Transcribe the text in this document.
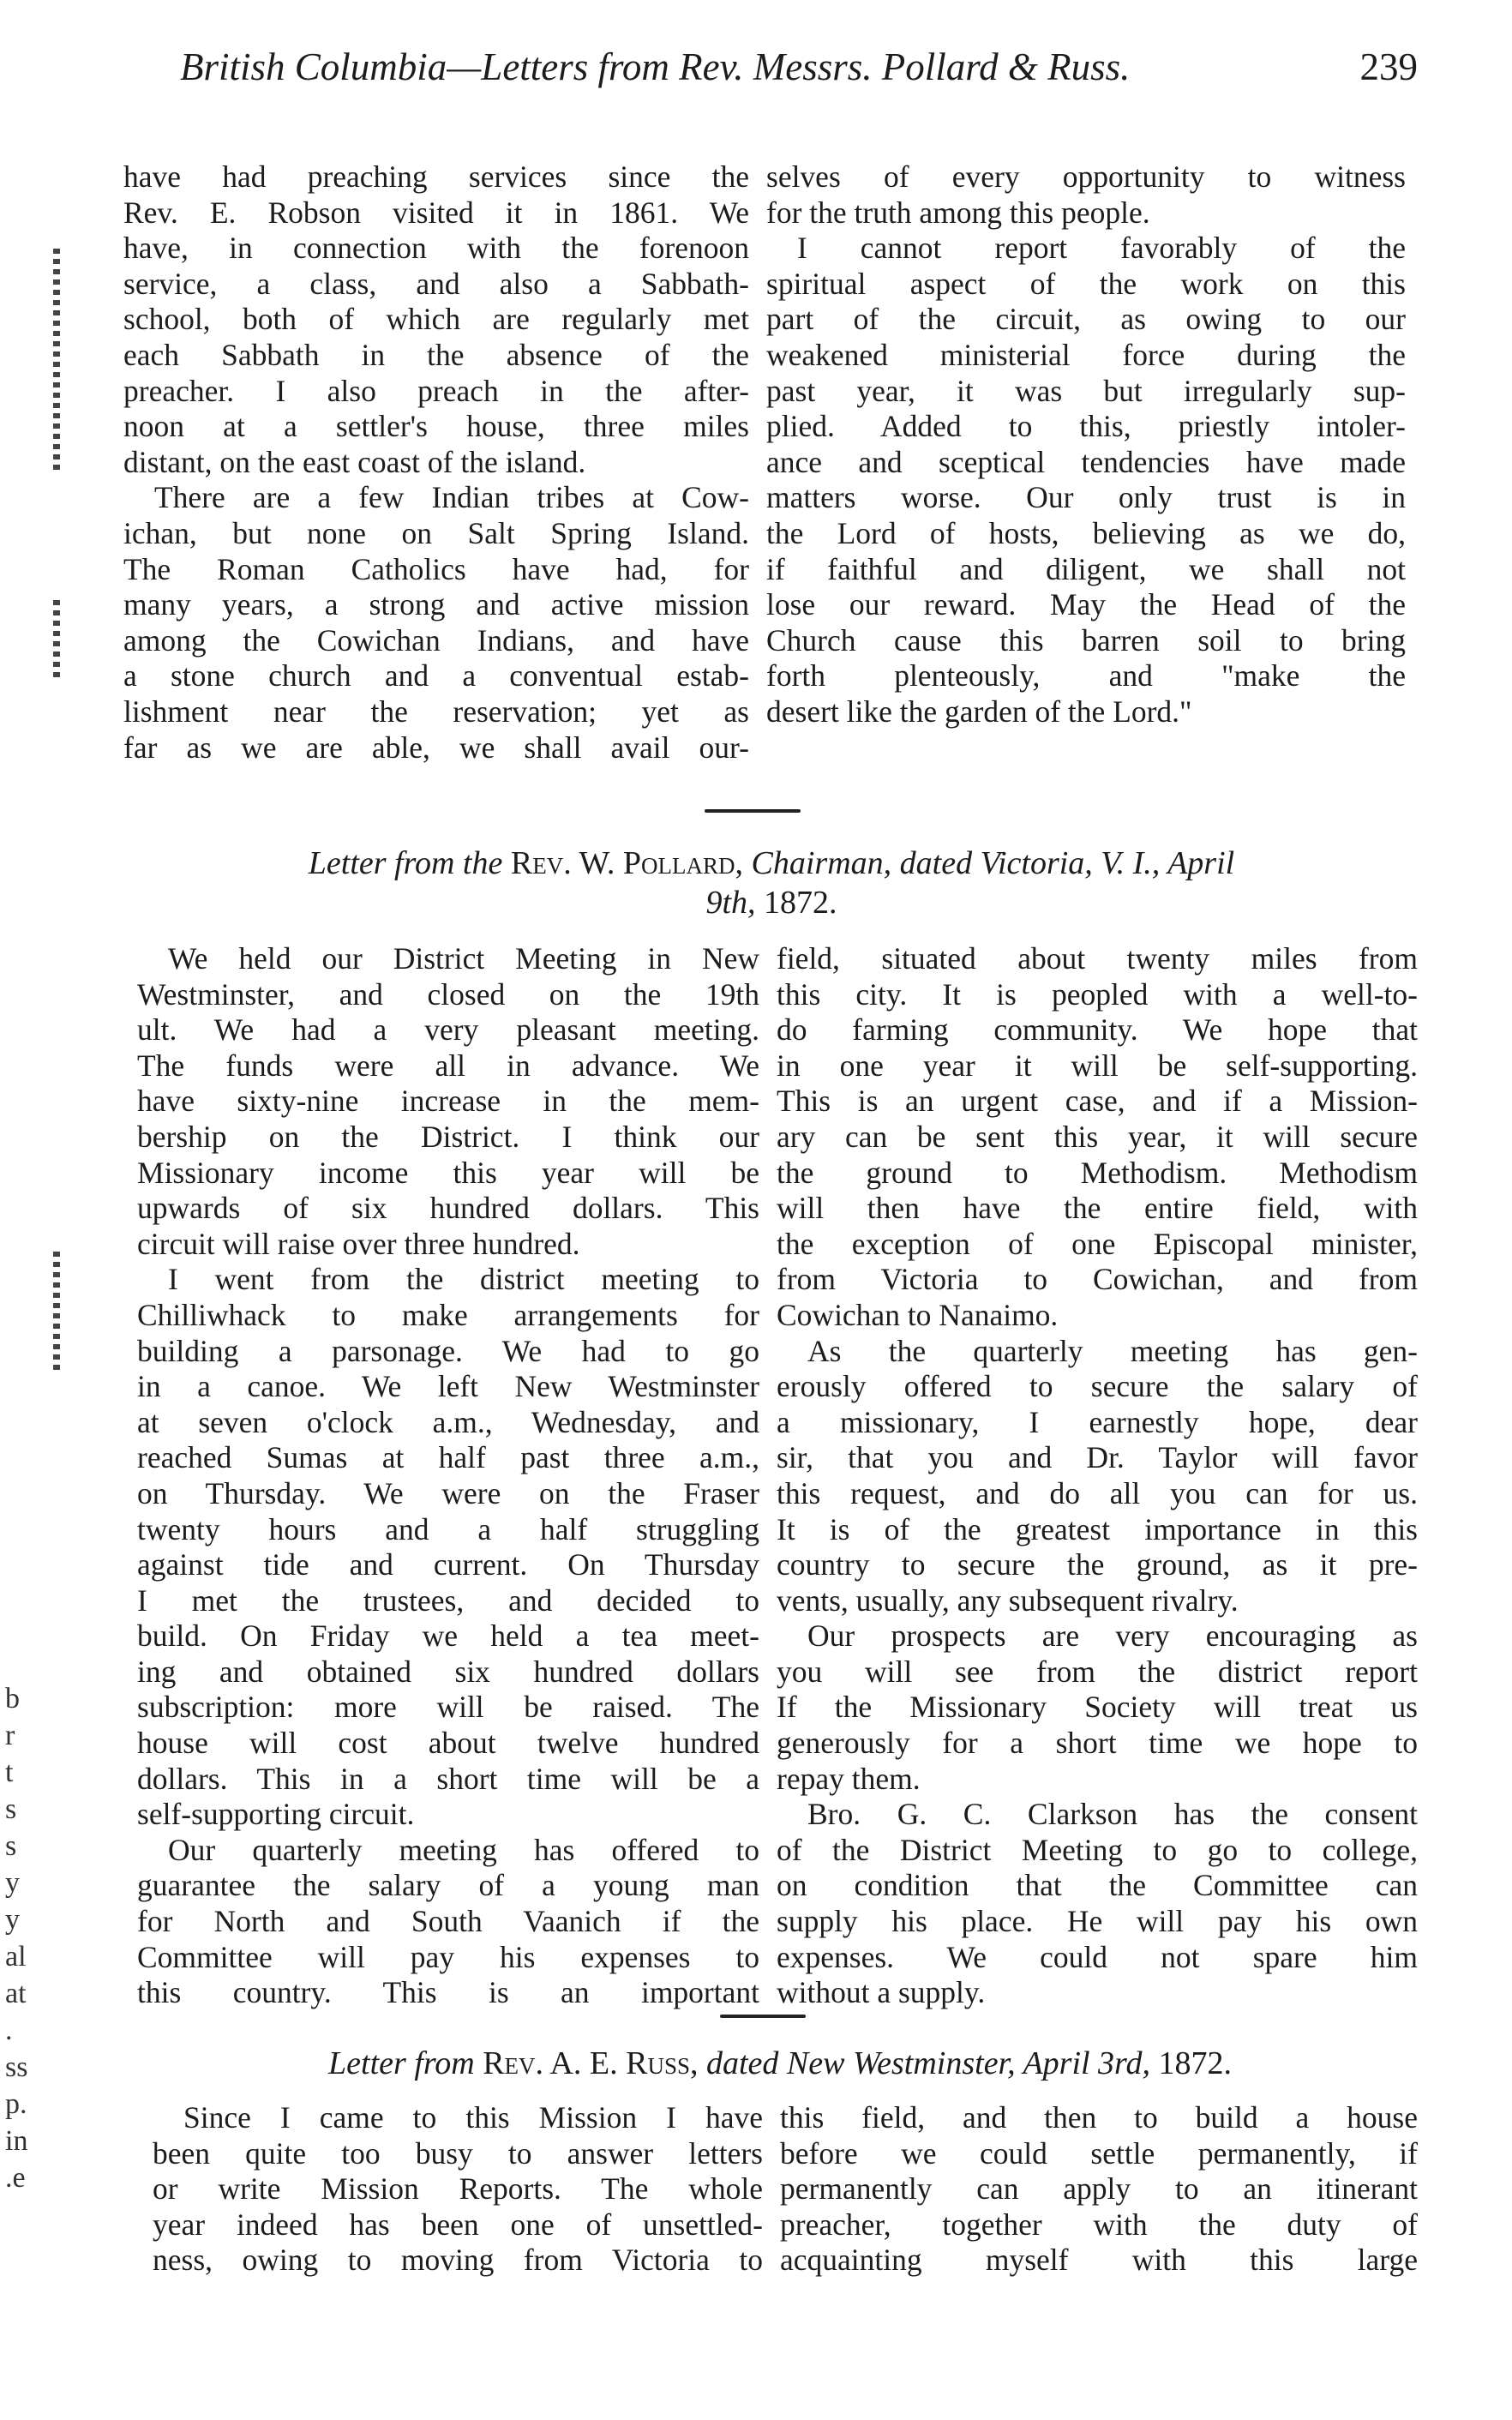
British Columbia—Letters from Rev. Messrs. Pollard & Russ.	239
have had preaching services since the
Rev. E. Robson visited it in 1861. We
have, in connection with the forenoon
service, a class, and also a Sabbath-
school, both of which are regularly met
each Sabbath in the absence of the
preacher. I also preach in the after-
noon at a settler's house, three miles
distant, on the east coast of the island.
There are a few Indian tribes at Cow-
ichan, but none on Salt Spring Island.
The Roman Catholics have had, for
many years, a strong and active mission
among the Cowichan Indians, and have
a stone church and a conventual estab-
lishment near the reservation; yet as
far as we are able, we shall avail our-
selves of every opportunity to witness
for the truth among this people.
I cannot report favorably of the
spiritual aspect of the work on this
part of the circuit, as owing to our
weakened ministerial force during the
past year, it was but irregularly sup-
plied. Added to this, priestly intoler-
ance and sceptical tendencies have made
matters worse. Our only trust is in
the Lord of hosts, believing as we do,
if faithful and diligent, we shall not
lose our reward. May the Head of the
Church cause this barren soil to bring
forth plenteously, and "make the
desert like the garden of the Lord."
Letter from the Rev. W. Pollard, Chairman, dated Victoria, V. I., April
9th, 1872.
We held our District Meeting in New
Westminster, and closed on the 19th
ult. We had a very pleasant meeting.
The funds were all in advance. We
have sixty-nine increase in the mem-
bership on the District. I think our
Missionary income this year will be
upwards of six hundred dollars. This
circuit will raise over three hundred.
I went from the district meeting to
Chilliwhack to make arrangements for
building a parsonage. We had to go
in a canoe. We left New Westminster
at seven o'clock a.m., Wednesday, and
reached Sumas at half past three a.m.,
on Thursday. We were on the Fraser
twenty hours and a half struggling
against tide and current. On Thursday
I met the trustees, and decided to
build. On Friday we held a tea meet-
ing and obtained six hundred dollars
subscription: more will be raised. The
house will cost about twelve hundred
dollars. This in a short time will be a
self-supporting circuit.
Our quarterly meeting has offered to
guarantee the salary of a young man
for North and South Vaanich if the
Committee will pay his expenses to
this country. This is an important
field, situated about twenty miles from
this city. It is peopled with a well-to-
do farming community. We hope that
in one year it will be self-supporting.
This is an urgent case, and if a Mission-
ary can be sent this year, it will secure
the ground to Methodism. Methodism
will then have the entire field, with
the exception of one Episcopal minister,
from Victoria to Cowichan, and from
Cowichan to Nanaimo.
As the quarterly meeting has gen-
erously offered to secure the salary of
a missionary, I earnestly hope, dear
sir, that you and Dr. Taylor will favor
this request, and do all you can for us.
It is of the greatest importance in this
country to secure the ground, as it pre-
vents, usually, any subsequent rivalry.
Our prospects are very encouraging as
you will see from the district report
If the Missionary Society will treat us
generously for a short time we hope to
repay them.
Bro. G. C. Clarkson has the consent
of the District Meeting to go to college,
on condition that the Committee can
supply his place. He will pay his own
expenses. We could not spare him
without a supply.
Letter from Rev. A. E. Russ, dated New Westminster, April 3rd, 1872.
Since I came to this Mission I have
been quite too busy to answer letters
or write Mission Reports. The whole
year indeed has been one of unsettled-
ness, owing to moving from Victoria to
this field, and then to build a house
before we could settle permanently, if
permanently can apply to an itinerant
preacher, together with the duty of
acquainting myself with this large
b
r
t
s
s
y
y
al
at
.
ss
p.
in
.e
